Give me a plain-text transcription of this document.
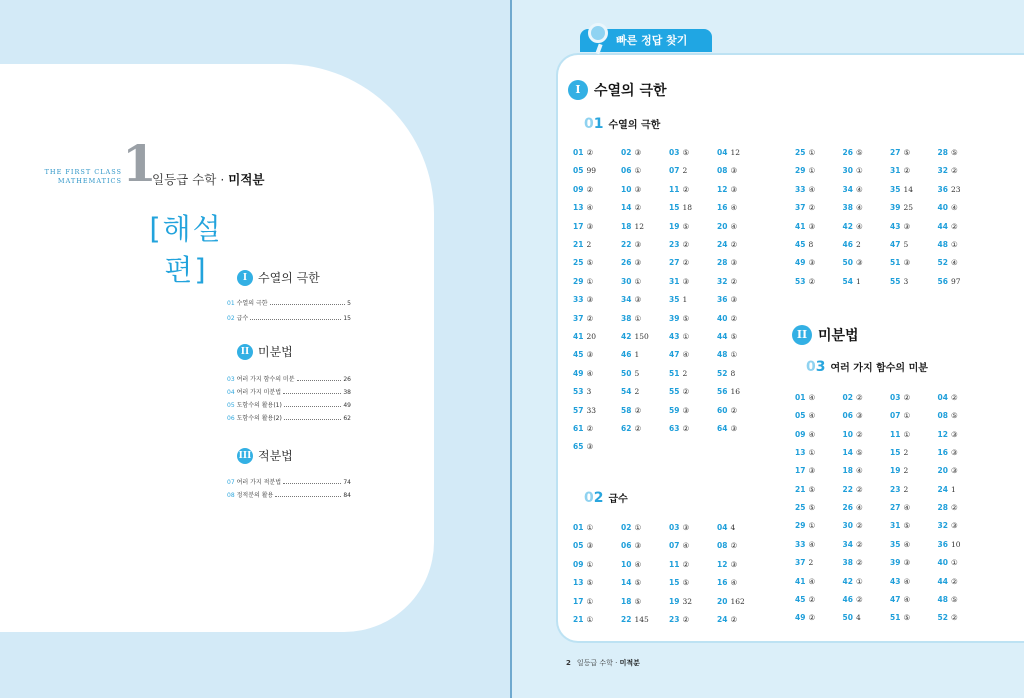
THE FIRST CLASS
MATHEMATICS 1
일등급 수학 · 미적분
[해설편]	I 수열의 극한
01 수열의 극한	5
02 급수	15
II 미분법
03 여러 가지 함수의 미분	26
04 여러 가지 미분법	38
05 도함수의 활용(1)	49
06 도함수의 활용(2)	62
III 적분법
07 여러 가지 적분법	74
08 정적분의 활용	84
빠른 정답 찾기
I 수열의 극한
01 수열의 극한
02 급수
II 미분법
03 여러 가지 함수의 미분
01 ②	02 ③	03 ⑤	04 12
05 99	06 ①	07 2	08 ③
09 ②	10 ③	11 ②	12 ③
13 ④	14 ②	15 18	16 ④
17 ③	18 12	19 ⑤	20 ④
21 2	22 ③	23 ②	24 ②
25 ⑤	26 ③	27 ②	28 ③
29 ①	30 ①	31 ③	32 ②
33 ③	34 ③	35 1	36 ③
37 ②	38 ①	39 ⑤	40 ②
41 20	42 150	43 ①	44 ⑤
45 ③	46 1	47 ④	48 ①
49 ④	50 5	51 2	52 8
53 3	54 2	55 ②	56 16
57 33	58 ②	59 ③	60 ②
61 ②	62 ②	63 ②	64 ③
65 ③
25 ①	26 ⑤	27 ⑤	28 ⑤
29 ①	30 ①	31 ②	32 ②
33 ④	34 ④	35 14	36 23
37 ②	38 ④	39 25	40 ④
41 ③	42 ④	43 ③	44 ②
45 8	46 2	47 5	48 ①
49 ③	50 ③	51 ③	52 ④
53 ②	54 1	55 3	56 97
01 ①	02 ①	03 ③	04 4
05 ③	06 ③	07 ④	08 ②
09 ①	10 ④	11 ②	12 ③
13 ⑤	14 ⑤	15 ⑤	16 ④
17 ①	18 ⑤	19 32	20 162
21 ①	22 145	23 ②	24 ②
01 ④	02 ②	03 ②	04 ②
05 ④	06 ③	07 ①	08 ⑤
09 ④	10 ②	11 ①	12 ③
13 ①	14 ⑤	15 2	16 ③
17 ③	18 ④	19 2	20 ③
21 ⑤	22 ②	23 2	24 1
25 ⑤	26 ④	27 ④	28 ②
29 ①	30 ②	31 ⑤	32 ③
33 ④	34 ②	35 ④	36 10
37 2	38 ②	39 ③	40 ①
41 ④	42 ①	43 ④	44 ②
45 ②	46 ②	47 ④	48 ⑤
49 ②	50 4	51 ⑤	52 ②
2 일등급 수학 · 미적분
